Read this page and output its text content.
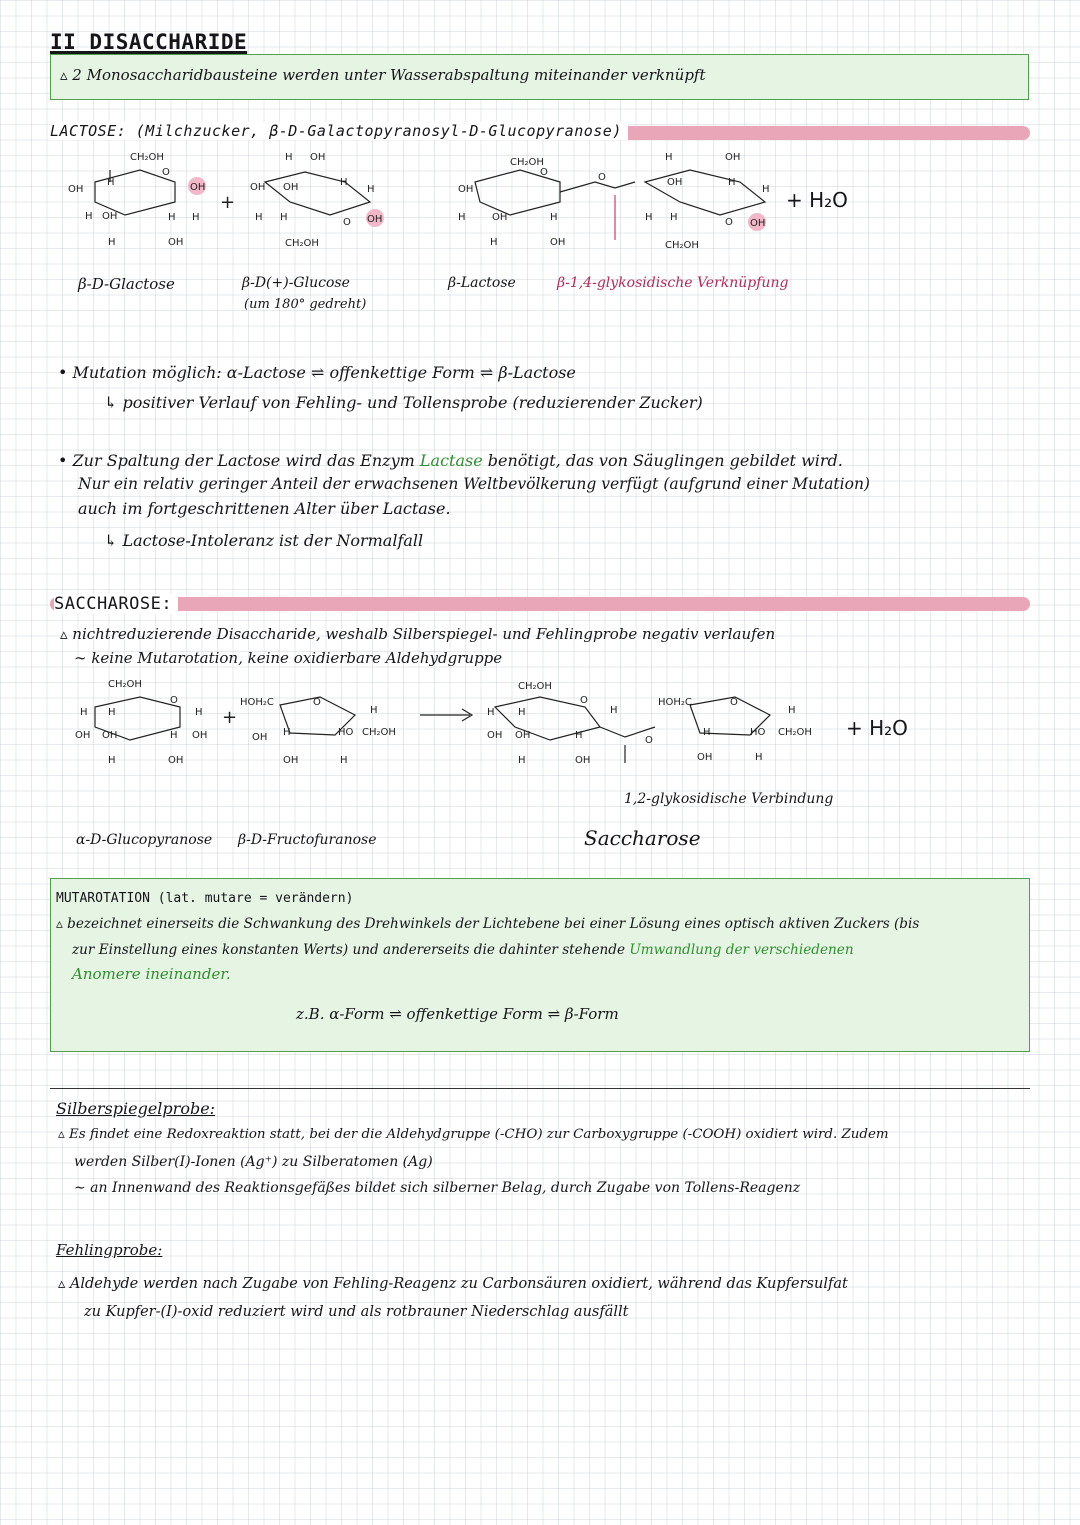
II DISACCHARIDE
▵ 2 Monosaccharidbausteine werden unter Wasserabspaltung miteinander verknüpft
LACTOSE: (Milchzucker, β-D-Galactopyranosyl-D-Glucopyranose)
CH₂OH
O
OH
H	OH
H OH	H H
H	OH
OH OH
H OH
H
H
H H	O OH
CH₂OH
CH₂OH
O
OH
H	OH	H
H	OH
O
H
OH
OH
H
H
H H	O OH
CH₂OH
+	+ H₂O
β-D-Glactose	β-D(+)-Glucose
(um 180° gedreht)
β-Lactose	β-1,4-glykosidische Verknüpfung
• Mutation möglich: α-Lactose ⇌ offenkettige Form ⇌ β-Lactose
↳ positiver Verlauf von Fehling- und Tollensprobe (reduzierender Zucker)
• Zur Spaltung der Lactose wird das Enzym Lactase benötigt, das von Säuglingen gebildet wird.
Nur ein relativ geringer Anteil der erwachsenen Weltbevölkerung verfügt (aufgrund einer Mutation)
auch im fortgeschrittenen Alter über Lactase.
↳ Lactose-Intoleranz ist der Normalfall
SACCHAROSE:
▵ nichtreduzierende Disaccharide, weshalb Silberspiegel- und Fehlingprobe negativ verlaufen
∼ keine Mutarotation, keine oxidierbare Aldehydgruppe
CH₂OH
O
H H	H
OH OH	H OH
H	OH
HOH₂C	O
H
OH H	HO CH₂OH
OH	H
CH₂OH
O
H
H H
OH OH	H
H	OH
O
HOH₂C	O
H
H	HO CH₂OH
OH	H
+	+ H₂O
1,2-glykosidische Verbindung
α-D-Glucopyranose β-D-Fructofuranose	Saccharose
MUTAROTATION (lat. mutare = verändern)
▵ bezeichnet einerseits die Schwankung des Drehwinkels der Lichtebene bei einer Lösung eines optisch aktiven Zuckers (bis
zur Einstellung eines konstanten Werts) und andererseits die dahinter stehende Umwandlung der verschiedenen
Anomere ineinander.
z.B. α-Form ⇌ offenkettige Form ⇌ β-Form
Silberspiegelprobe:
▵ Es findet eine Redoxreaktion statt, bei der die Aldehydgruppe (-CHO) zur Carboxygruppe (-COOH) oxidiert wird. Zudem
werden Silber(I)-Ionen (Ag⁺) zu Silberatomen (Ag)
∼ an Innenwand des Reaktionsgefäßes bildet sich silberner Belag, durch Zugabe von Tollens-Reagenz
Fehlingprobe:
▵ Aldehyde werden nach Zugabe von Fehling-Reagenz zu Carbonsäuren oxidiert, während das Kupfersulfat
zu Kupfer-(I)-oxid reduziert wird und als rotbrauner Niederschlag ausfällt
